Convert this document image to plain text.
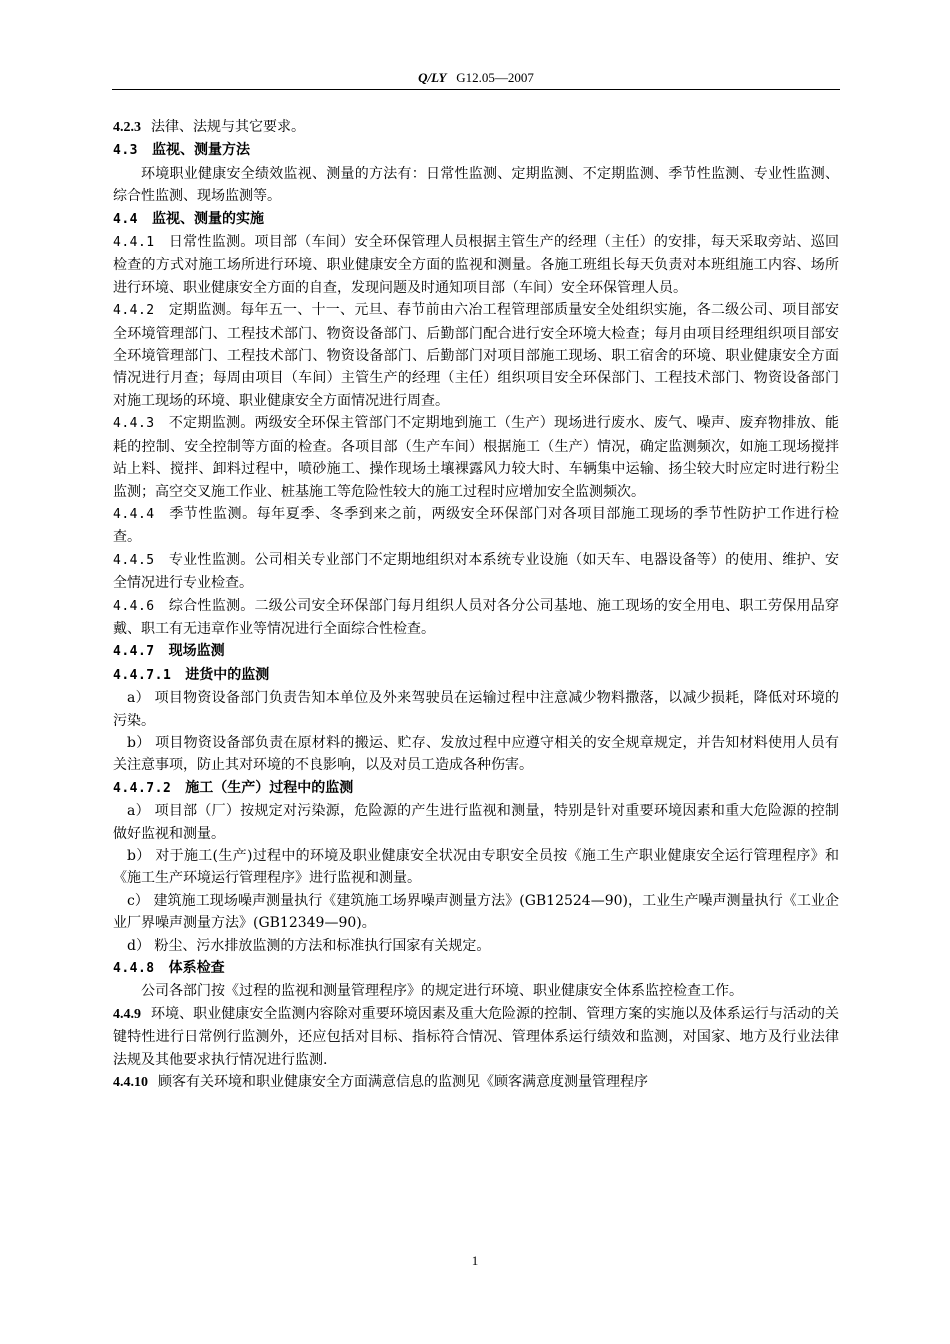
Q/LY G12.05—2007

4.2.3 法律、法规与其它要求。

4.3 监视、测量方法

环境职业健康安全绩效监视、测量的方法有：日常性监测、定期监测、不定期监测、季节性监测、专业性监测、综合性监测、现场监测等。

4.4 监视、测量的实施

4.4.1 日常性监测。项目部（车间）安全环保管理人员根据主管生产的经理（主任）的安排，每天采取旁站、巡回检查的方式对施工场所进行环境、职业健康安全方面的监视和测量。各施工班组长每天负责对本班组施工内容、场所进行环境、职业健康安全方面的自查，发现问题及时通知项目部（车间）安全环保管理人员。

4.4.2 定期监测。每年五一、十一、元旦、春节前由六冶工程管理部质量安全处组织实施，各二级公司、项目部安全环境管理部门、工程技术部门、物资设备部门、后勤部门配合进行安全环境大检查；每月由项目经理组织项目部安全环境管理部门、工程技术部门、物资设备部门、后勤部门对项目部施工现场、职工宿舍的环境、职业健康安全方面情况进行月查；每周由项目（车间）主管生产的经理（主任）组织项目安全环保部门、工程技术部门、物资设备部门对施工现场的环境、职业健康安全方面情况进行周查。

4.4.3 不定期监测。两级安全环保主管部门不定期地到施工（生产）现场进行废水、废气、噪声、废弃物排放、能耗的控制、安全控制等方面的检查。各项目部（生产车间）根据施工（生产）情况，确定监测频次，如施工现场搅拌站上料、搅拌、卸料过程中，喷砂施工、操作现场土壤裸露风力较大时、车辆集中运输、扬尘较大时应定时进行粉尘监测；高空交叉施工作业、桩基施工等危险性较大的施工过程时应增加安全监测频次。

4.4.4 季节性监测。每年夏季、冬季到来之前，两级安全环保部门对各项目部施工现场的季节性防护工作进行检查。

4.4.5 专业性监测。公司相关专业部门不定期地组织对本系统专业设施（如天车、电器设备等）的使用、维护、安全情况进行专业检查。

4.4.6 综合性监测。二级公司安全环保部门每月组织人员对各分公司基地、施工现场的安全用电、职工劳保用品穿戴、职工有无违章作业等情况进行全面综合性检查。

4.4.7 现场监测

4.4.7.1 进货中的监测

a） 项目物资设备部门负责告知本单位及外来驾驶员在运输过程中注意减少物料撒落，以减少损耗，降低对环境的污染。

b） 项目物资设备部负责在原材料的搬运、贮存、发放过程中应遵守相关的安全规章规定，并告知材料使用人员有关注意事项，防止其对环境的不良影响，以及对员工造成各种伤害。

4.4.7.2 施工（生产）过程中的监测

a） 项目部（厂）按规定对污染源，危险源的产生进行监视和测量，特别是针对重要环境因素和重大危险源的控制做好监视和测量。

b） 对于施工(生产)过程中的环境及职业健康安全状况由专职安全员按《施工生产职业健康安全运行管理程序》和《施工生产环境运行管理程序》进行监视和测量。

c） 建筑施工现场噪声测量执行《建筑施工场界噪声测量方法》(GB12524—90)，工业生产噪声测量执行《工业企业厂界噪声测量方法》(GB12349—90)。

d） 粉尘、污水排放监测的方法和标准执行国家有关规定。

4.4.8 体系检查

公司各部门按《过程的监视和测量管理程序》的规定进行环境、职业健康安全体系监控检查工作。

4.4.9 环境、职业健康安全监测内容除对重要环境因素及重大危险源的控制、管理方案的实施以及体系运行与活动的关键特性进行日常例行监测外，还应包括对目标、指标符合情况、管理体系运行绩效和监测，对国家、地方及行业法律法规及其他要求执行情况进行监测.

4.4.10 顾客有关环境和职业健康安全方面满意信息的监测见《顾客满意度测量管理程序

1
